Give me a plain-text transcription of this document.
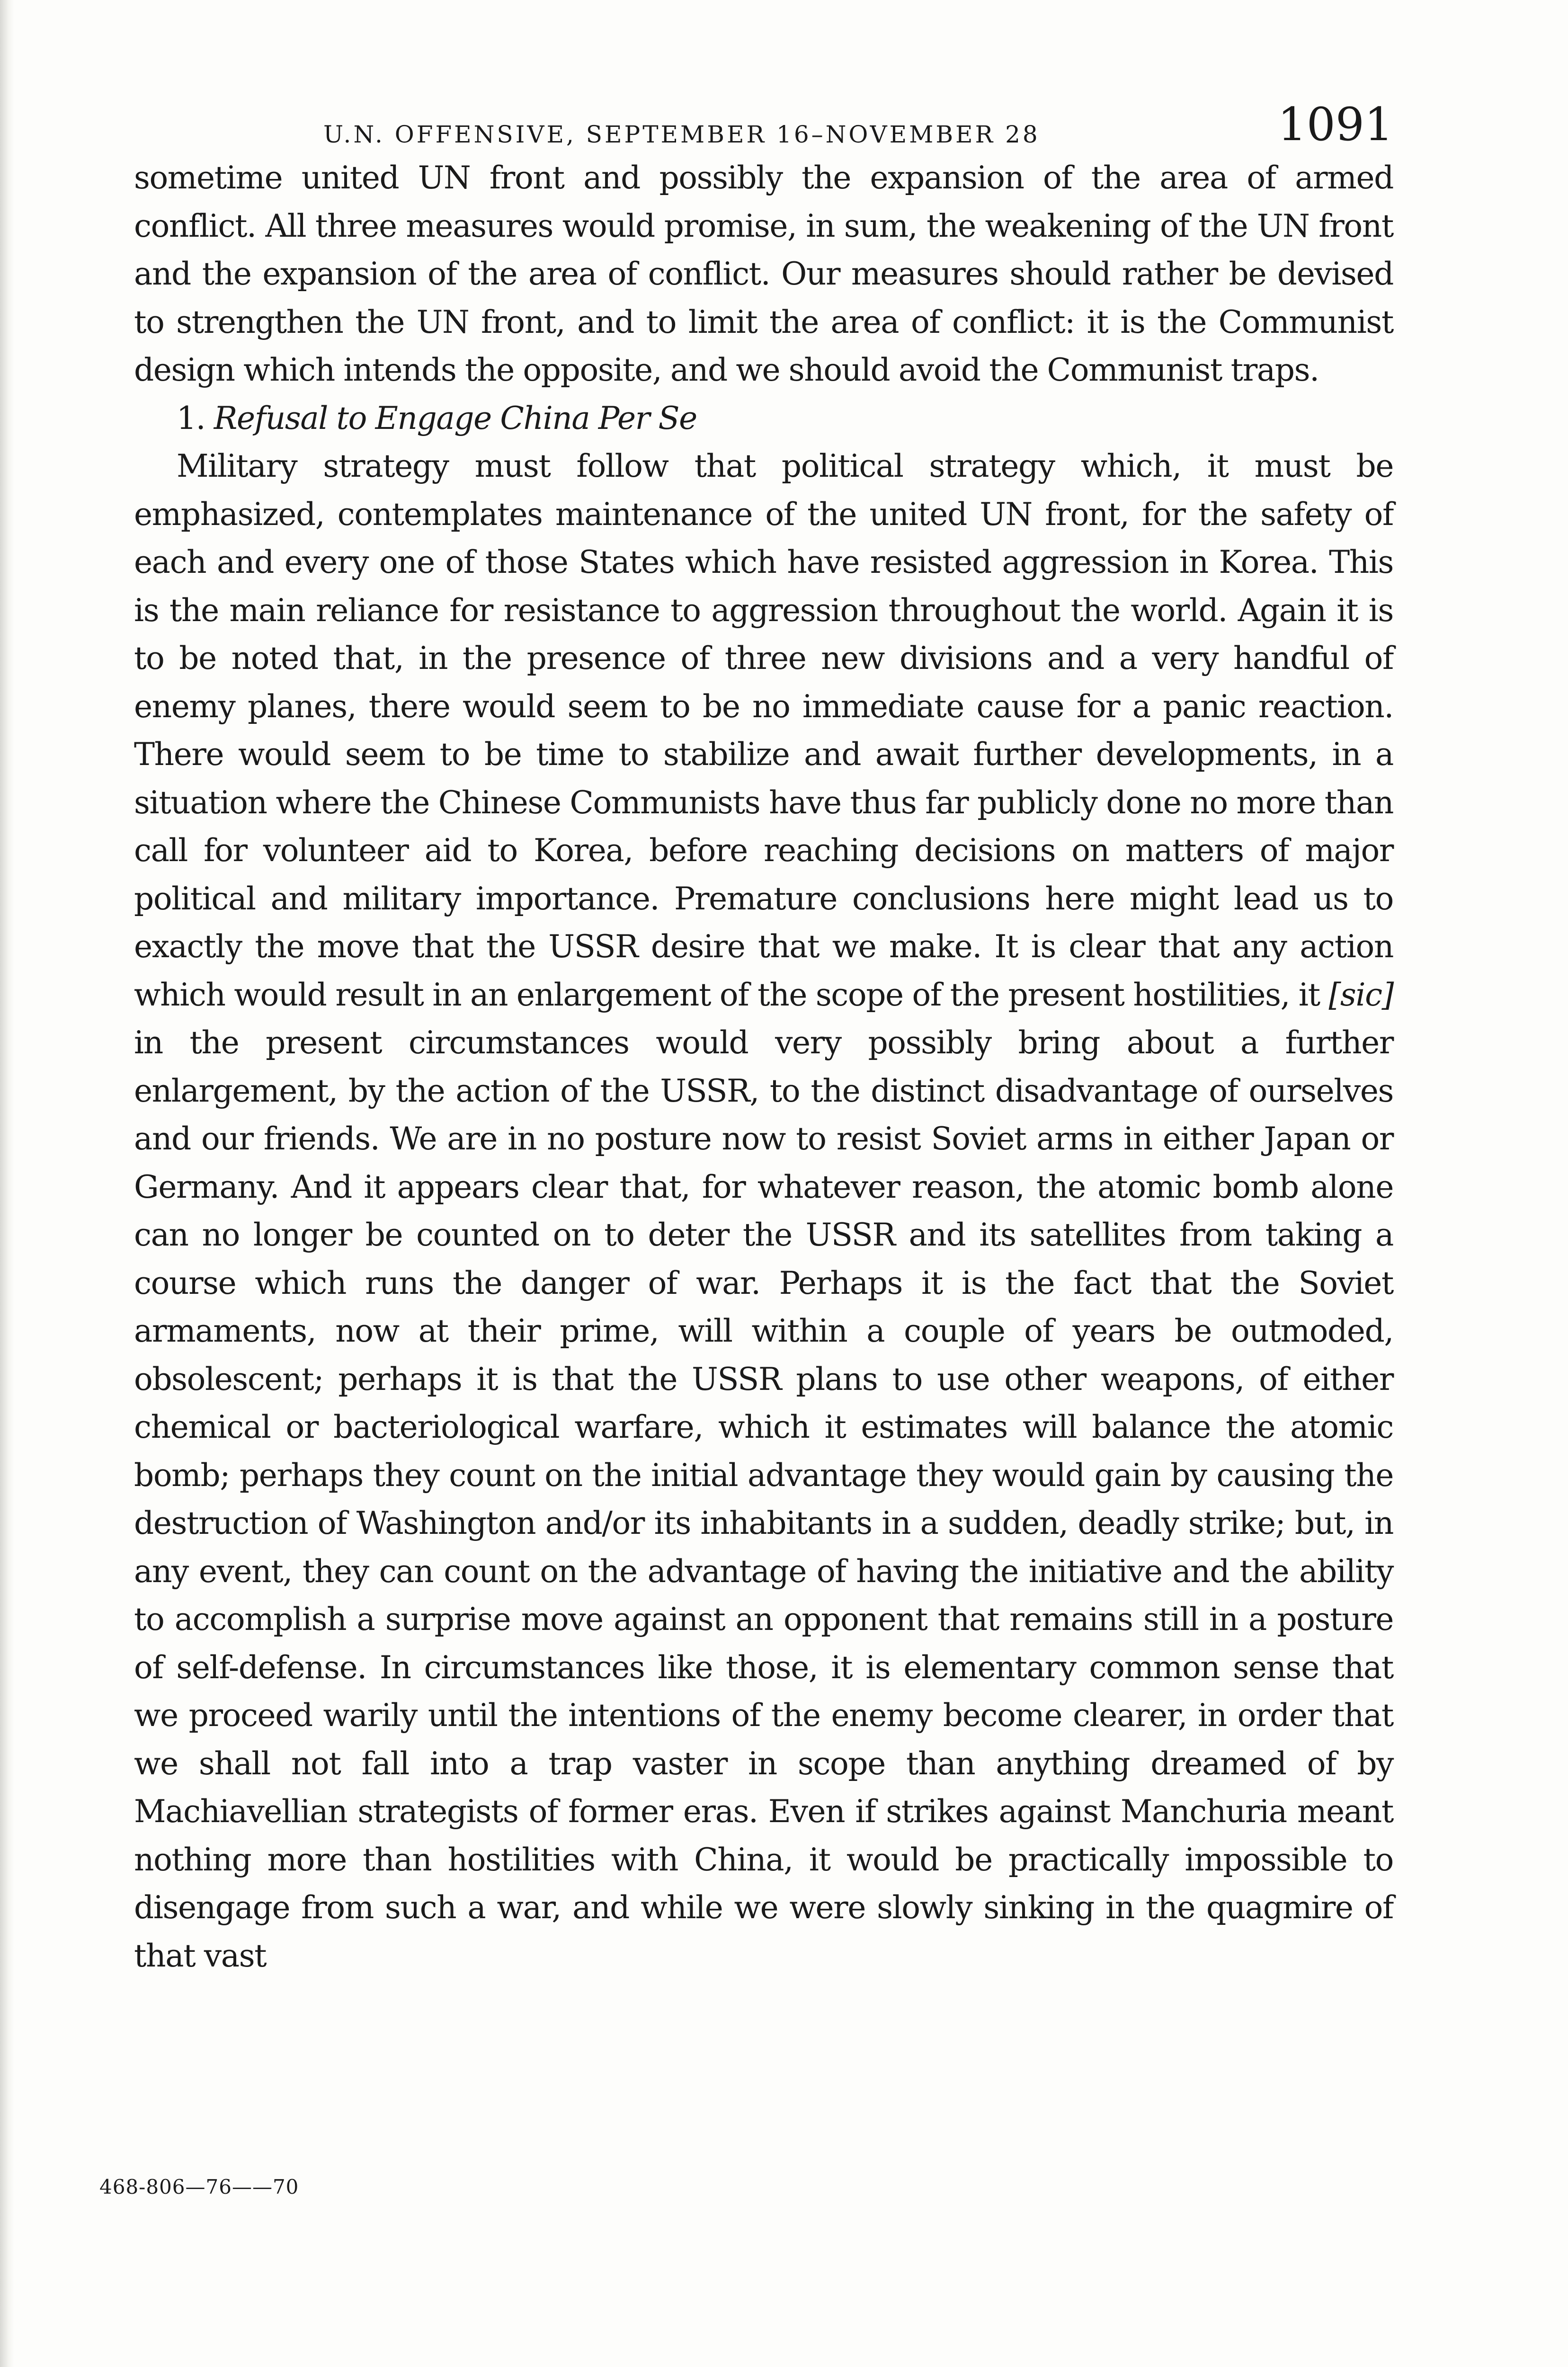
U.N. OFFENSIVE, SEPTEMBER 16–NOVEMBER 28	1091

sometime united UN front and possibly the expansion of the area of armed conflict. All three measures would promise, in sum, the weakening of the UN front and the expansion of the area of conflict. Our measures should rather be devised to strengthen the UN front, and to limit the area of conflict: it is the Communist design which intends the opposite, and we should avoid the Communist traps.

1. Refusal to Engage China Per Se

Military strategy must follow that political strategy which, it must be emphasized, contemplates maintenance of the united UN front, for the safety of each and every one of those States which have resisted aggression in Korea. This is the main reliance for resistance to aggression throughout the world. Again it is to be noted that, in the presence of three new divisions and a very handful of enemy planes, there would seem to be no immediate cause for a panic reaction. There would seem to be time to stabilize and await further developments, in a situation where the Chinese Communists have thus far publicly done no more than call for volunteer aid to Korea, before reaching decisions on matters of major political and military importance. Premature conclusions here might lead us to exactly the move that the USSR desire that we make. It is clear that any action which would result in an enlargement of the scope of the present hostilities, it [sic] in the present circumstances would very possibly bring about a further enlargement, by the action of the USSR, to the distinct disadvantage of ourselves and our friends. We are in no posture now to resist Soviet arms in either Japan or Germany. And it appears clear that, for whatever reason, the atomic bomb alone can no longer be counted on to deter the USSR and its satellites from taking a course which runs the danger of war. Perhaps it is the fact that the Soviet armaments, now at their prime, will within a couple of years be outmoded, obsolescent; perhaps it is that the USSR plans to use other weapons, of either chemical or bacteriological warfare, which it estimates will balance the atomic bomb; perhaps they count on the initial advantage they would gain by causing the destruction of Washington and/or its inhabitants in a sudden, deadly strike; but, in any event, they can count on the advantage of having the initiative and the ability to accomplish a surprise move against an opponent that remains still in a posture of self-defense. In circumstances like those, it is elementary common sense that we proceed warily until the intentions of the enemy become clearer, in order that we shall not fall into a trap vaster in scope than anything dreamed of by Machiavellian strategists of former eras. Even if strikes against Manchuria meant nothing more than hostilities with China, it would be practically impossible to disengage from such a war, and while we were slowly sinking in the quagmire of that vast

468-806—76——70
